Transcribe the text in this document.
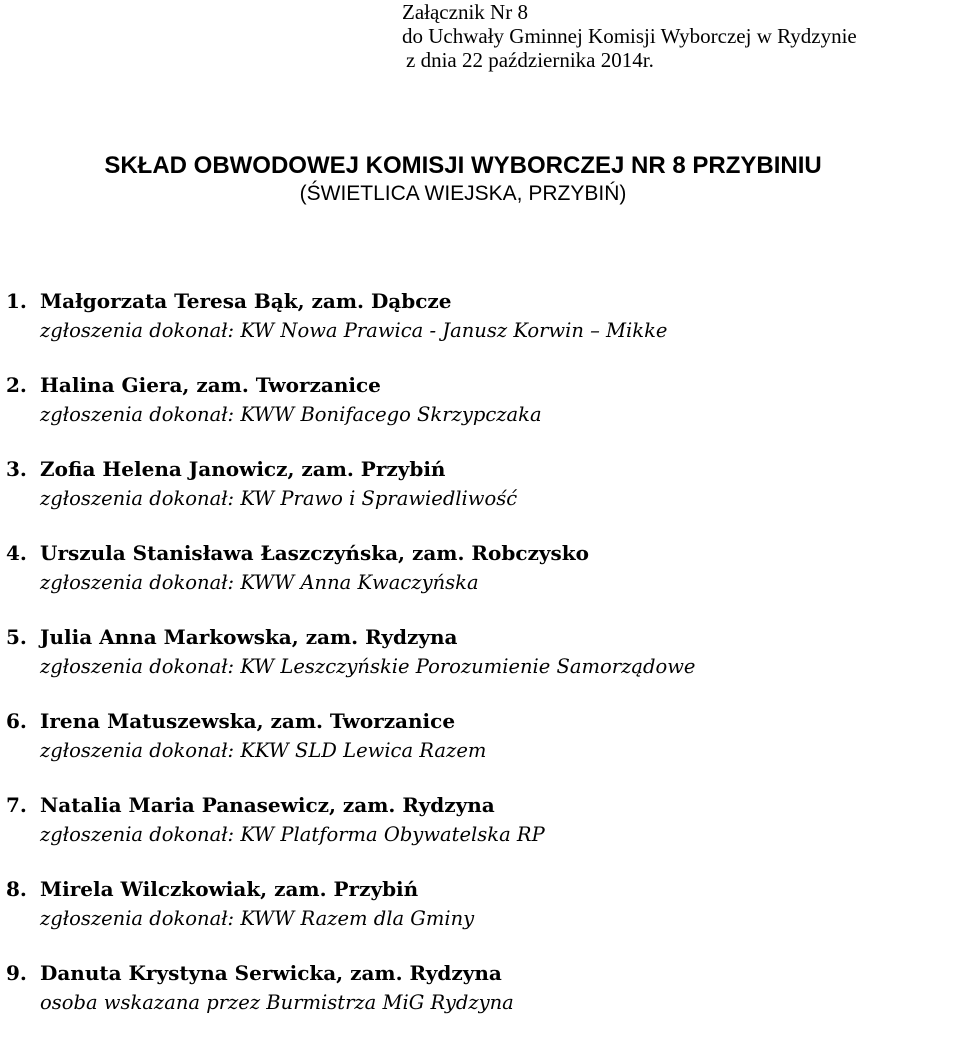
Załącznik Nr 8
do Uchwały Gminnej Komisji Wyborczej w Rydzynie
z dnia 22 października 2014r.
SKŁAD OBWODOWEJ KOMISJI WYBORCZEJ NR 8 PRZYBINIU
(ŚWIETLICA WIEJSKA, PRZYBIŃ)
1. Małgorzata Teresa Bąk, zam. Dąbcze
zgłoszenia dokonał: KW Nowa Prawica - Janusz Korwin – Mikke
2. Halina Giera, zam. Tworzanice
zgłoszenia dokonał: KWW Bonifacego Skrzypczaka
3. Zofia Helena Janowicz, zam. Przybiń
zgłoszenia dokonał: KW Prawo i Sprawiedliwość
4. Urszula Stanisława Łaszczyńska, zam. Robczysko
zgłoszenia dokonał: KWW Anna Kwaczyńska
5. Julia Anna Markowska, zam. Rydzyna
zgłoszenia dokonał: KW Leszczyńskie Porozumienie Samorządowe
6. Irena Matuszewska, zam. Tworzanice
zgłoszenia dokonał: KKW SLD Lewica Razem
7. Natalia Maria Panasewicz, zam. Rydzyna
zgłoszenia dokonał: KW Platforma Obywatelska RP
8. Mirela Wilczkowiak, zam. Przybiń
zgłoszenia dokonał: KWW Razem dla Gminy
9. Danuta Krystyna Serwicka, zam. Rydzyna
osoba wskazana przez Burmistrza MiG Rydzyna
